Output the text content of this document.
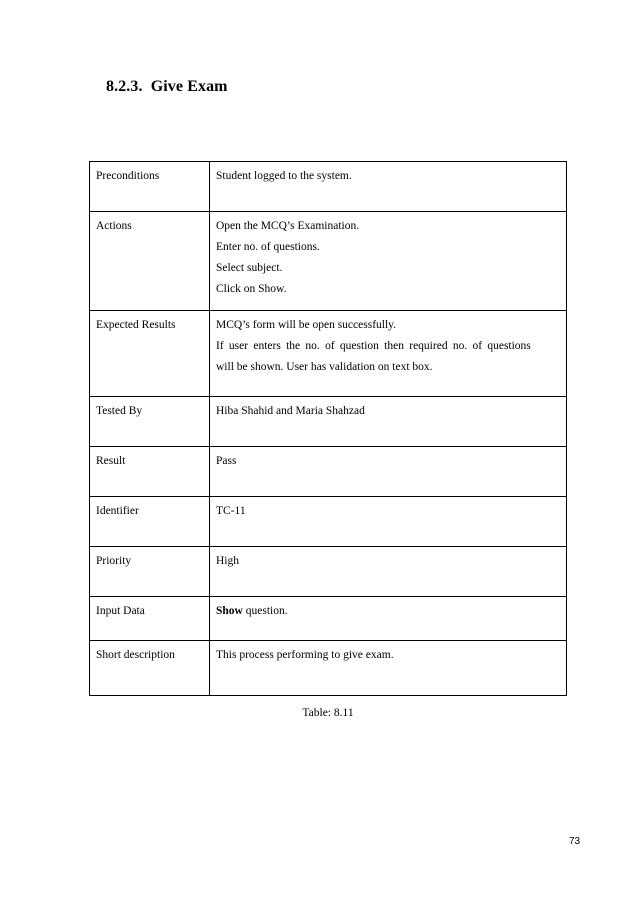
8.2.3. Give Exam
Preconditions	Student logged to the system.

Actions	Open the MCQ’s Examination.
Enter no. of questions.
Select subject.
Click on Show.

Expected Results	MCQ’s form will be open successfully.
If user enters the no. of question then required no. of questions
will be shown. User has validation on text box.

Tested By	Hiba Shahid and Maria Shahzad

Result	Pass

Identifier	TC-11

Priority	High

Input Data	Show question.

Short description	This process performing to give exam.
Table: 8.11
73
